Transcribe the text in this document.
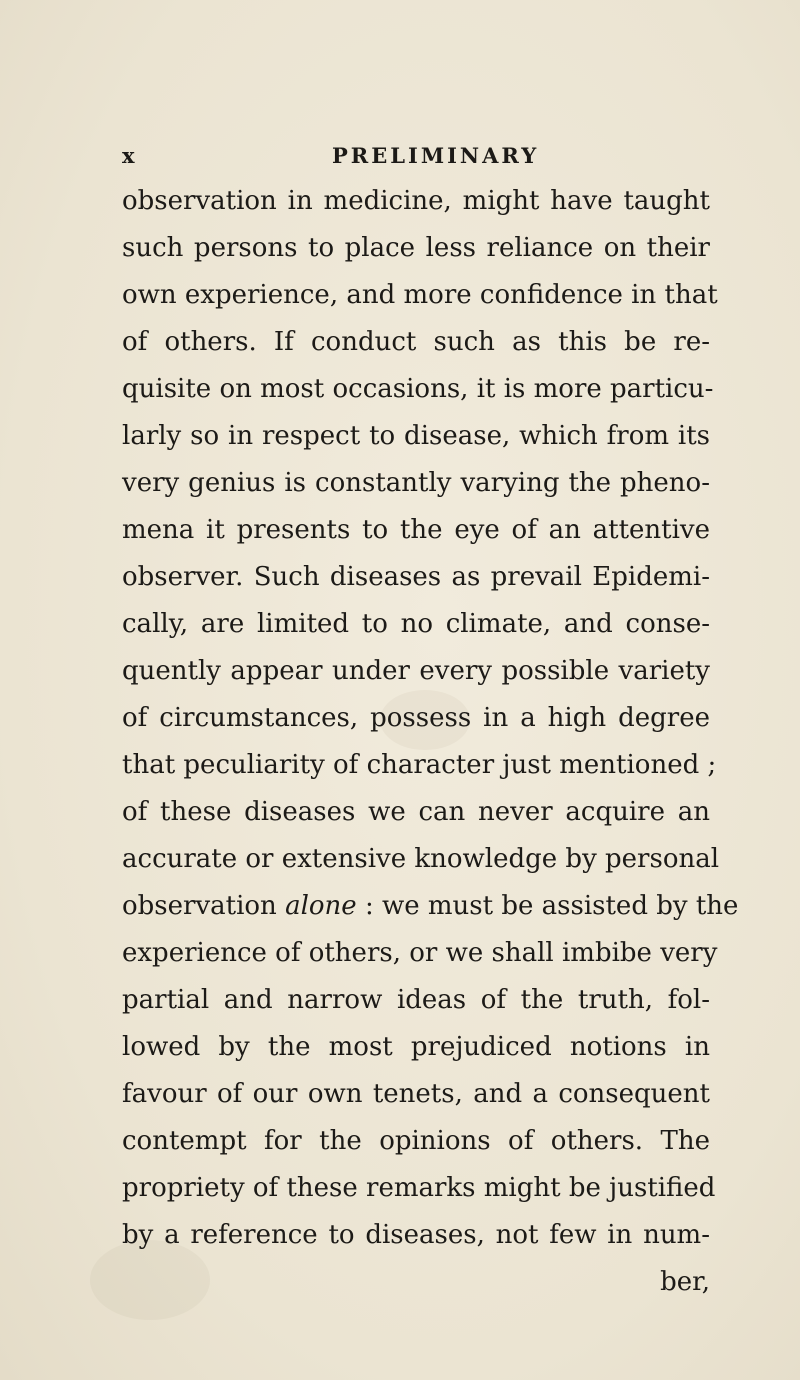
x	PRELIMINARY
observation in medicine, might have taught
such persons to place less reliance on their
own experience, and more confidence in that
of others. If conduct such as this be re-
quisite on most occasions, it is more particu-
larly so in respect to disease, which from its
very genius is constantly varying the pheno-
mena it presents to the eye of an attentive
observer. Such diseases as prevail Epidemi-
cally, are limited to no climate, and conse-
quently appear under every possible variety
of circumstances, possess in a high degree
that peculiarity of character just mentioned ;
of these diseases we can never acquire an
accurate or extensive knowledge by personal
observation alone : we must be assisted by the
experience of others, or we shall imbibe very
partial and narrow ideas of the truth, fol-
lowed by the most prejudiced notions in
favour of our own tenets, and a consequent
contempt for the opinions of others. The
propriety of these remarks might be justified
by a reference to diseases, not few in num-
ber,
